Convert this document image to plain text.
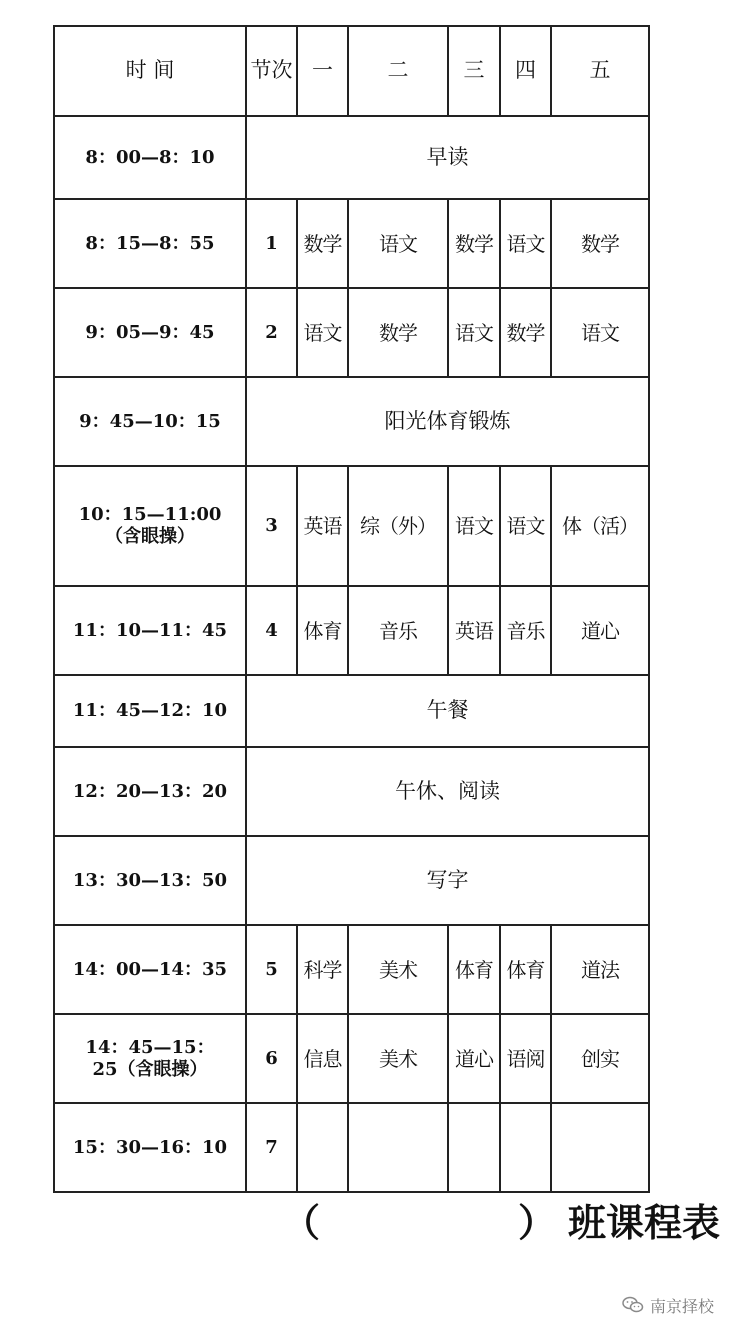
时 间	节次	一	二	三	四	五
8：00—8：10	早读					
8：15—8：55	1	数学	语文	数学	语文	数学
9：05—9：45	2	语文	数学	语文	数学	语文
9：45—10：15	阳光体育锻炼					

10：15—11:00
（含眼操）	3	英语	综（外）	语文	语文	体（活）
11：10—11：45	4	体育	音乐	英语	音乐	道心
11：45—12：10	午餐					
12：20—13：20	午休、阅读					
13：30—13：50	写字					
14：00—14：35	5	科学	美术	体育	体育	道法

14：45—15：
25（含眼操）	6	信息	美术	道心	语阅	创实
15：30—16：10	7					
（	） 班课程表
南京择校
